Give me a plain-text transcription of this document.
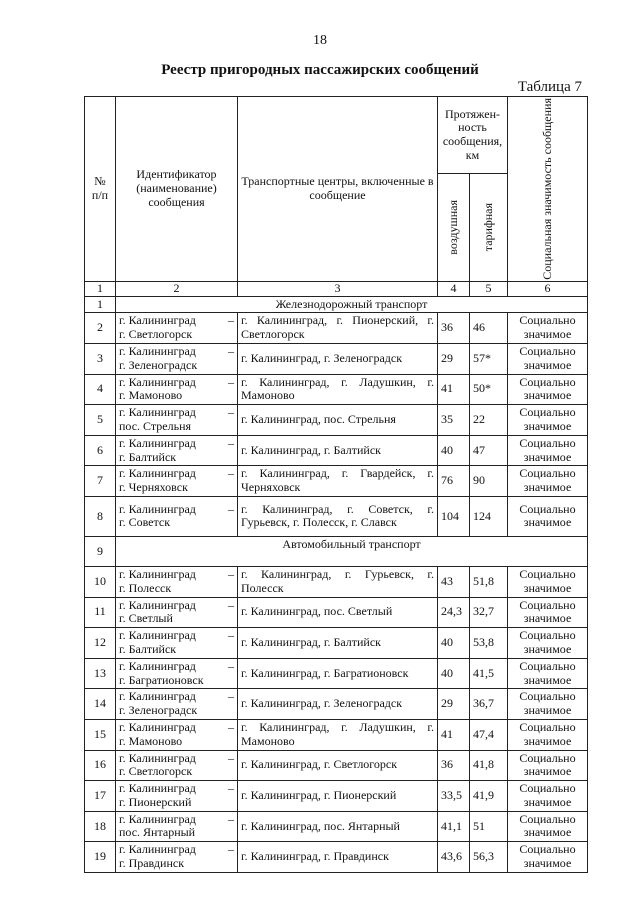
18
Реестр пригородных пассажирских сообщений
Таблица 7
№ п/п	Идентификатор (наименование) сообщения	Транспортные центры, включенные в сообщение	Протяжен-ность сообщения, км		Социальная значимость сообщения

			воздушная	тарифная	

1	2	3	4	5	6
1	Железнодорожный транспорт				
2	г. Калининград –
г. Светлогорск	г. Калининград, г. Пионерский, г. Светлогорск	36	46	Социально значимое
3	г. Калининград –
г. Зеленоградск	г. Калининград, г. Зеленоградск	29	57*	Социально значимое
4	г. Калининград –
г. Мамоново	г. Калининград, г. Ладушкин, г. Мамоново	41	50*	Социально значимое
5	г. Калининград –
пос. Стрельня	г. Калининград, пос. Стрельня	35	22	Социально значимое
6	г. Калининград –
г. Балтийск	г. Калининград, г. Балтийск	40	47	Социально значимое
7	г. Калининград –
г. Черняховск	г. Калининград, г. Гвардейск, г. Черняховск	76	90	Социально значимое
8	г. Калининград –
г. Советск	г. Калининград, г. Советск, г. Гурьевск, г. Полесск, г. Славск	104	124	Социально значимое
9	Автомобильный транспорт				
10	г. Калининград –
г. Полесск	г. Калининград, г. Гурьевск, г. Полесск	43	51,8	Социально значимое
11	г. Калининград –
г. Светлый	г. Калининград, пос. Светлый	24,3	32,7	Социально значимое
12	г. Калининград –
г. Балтийск	г. Калининград, г. Балтийск	40	53,8	Социально значимое
13	г. Калининград –
г. Багратионовск	г. Калининград, г. Багратионовск	40	41,5	Социально значимое
14	г. Калининград –
г. Зеленоградск	г. Калининград, г. Зеленоградск	29	36,7	Социально значимое
15	г. Калининград –
г. Мамоново	г. Калининград, г. Ладушкин, г. Мамоново	41	47,4	Социально значимое
16	г. Калининград –
г. Светлогорск	г. Калининград, г. Светлогорск	36	41,8	Социально значимое
17	г. Калининград –
г. Пионерский	г. Калининград, г. Пионерский	33,5	41,9	Социально значимое
18	г. Калининград –
пос. Янтарный	г. Калининград, пос. Янтарный	41,1	51	Социально значимое
19	г. Калининград –
г. Правдинск	г. Калининград, г. Правдинск	43,6	56,3	Социально значимое
